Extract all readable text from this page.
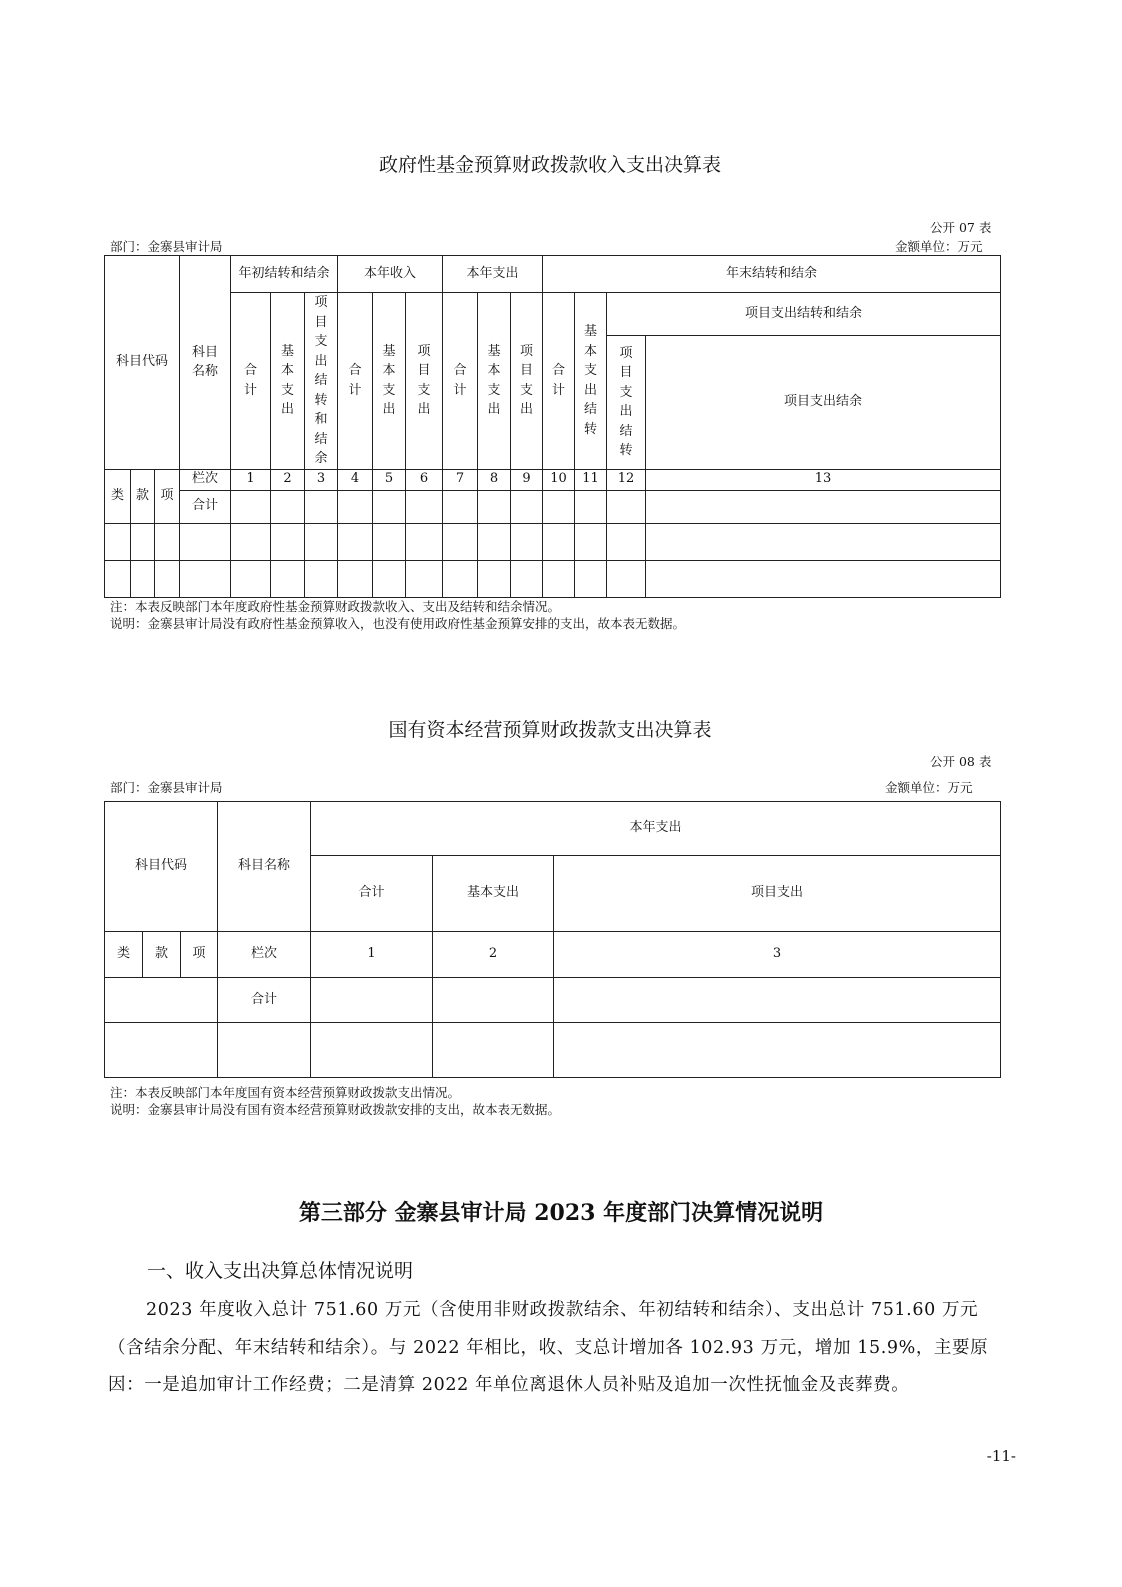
政府性基金预算财政拨款收入支出决算表
公开 07 表
部门：金寨县审计局	金额单位：万元
科目代码			科目名称	年初结转和结余			本年收入			本年支出			年末结转和结余			
				合计	基本支出	项目支出结转和结余	合计	基本支出	项目支出	合计	基本支出	项目支出	合计	基本支出结转	项目支出结转和结余	
															项目支出结转	项目支出结余
类	款	项	栏次	1	2	3	4	5	6	7	8	9	10	11	12	13
			合计													

注：本表反映部门本年度政府性基金预算财政拨款收入、支出及结转和结余情况。
说明：金寨县审计局没有政府性基金预算收入，也没有使用政府性基金预算安排的支出，故本表无数据。
国有资本经营预算财政拨款支出决算表
公开 08 表
部门：金寨县审计局	金额单位：万元
科目代码			科目名称	本年支出		
				合计	基本支出	项目支出
类	款	项	栏次	1	2	3
			合计			

注：本表反映部门本年度国有资本经营预算财政拨款支出情况。
说明：金寨县审计局没有国有资本经营预算财政拨款安排的支出，故本表无数据。
第三部分 金寨县审计局 2023 年度部门决算情况说明
一、收入支出决算总体情况说明
2023 年度收入总计 751.60 万元（含使用非财政拨款结余、年初结转和结余）、支出总计 751.60 万元（含结余分配、年末结转和结余）。与 2022 年相比，收、支总计增加各 102.93 万元，增加 15.9%，主要原因：一是追加审计工作经费；二是清算 2022 年单位离退休人员补贴及追加一次性抚恤金及丧葬费。
-11-
